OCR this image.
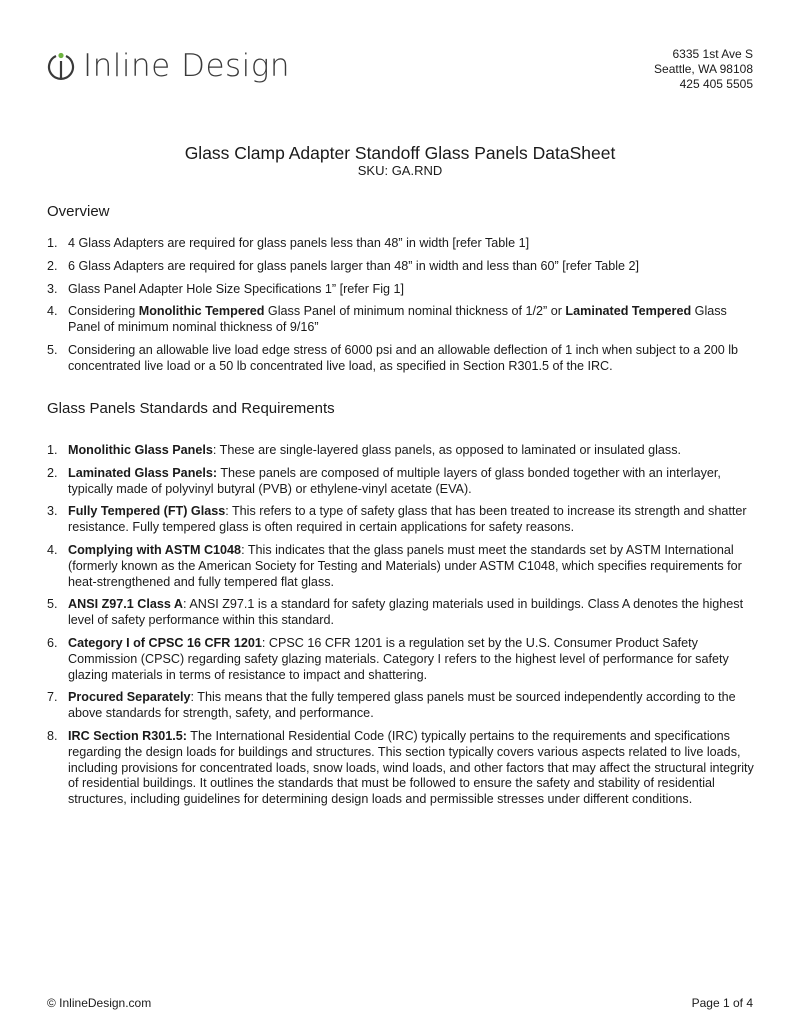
Inline Design	6335 1st Ave S
Seattle, WA 98108
425 405 5505
Glass Clamp Adapter Standoff Glass Panels DataSheet
SKU: GA.RND
Overview
1. 4 Glass Adapters are required for glass panels less than 48” in width [refer Table 1]
2. 6 Glass Adapters are required for glass panels larger than 48” in width and less than 60” [refer Table 2]
3. Glass Panel Adapter Hole Size Specifications 1” [refer Fig 1]
4. Considering Monolithic Tempered Glass Panel of minimum nominal thickness of 1/2” or Laminated Tempered Glass Panel of minimum nominal thickness of 9/16”
5. Considering an allowable live load edge stress of 6000 psi and an allowable deflection of 1 inch when subject to a 200 lb concentrated live load or a 50 lb concentrated live load, as specified in Section R301.5 of the IRC.
Glass Panels Standards and Requirements
1. Monolithic Glass Panels: These are single-layered glass panels, as opposed to laminated or insulated glass.
2. Laminated Glass Panels: These panels are composed of multiple layers of glass bonded together with an interlayer, typically made of polyvinyl butyral (PVB) or ethylene-vinyl acetate (EVA).
3. Fully Tempered (FT) Glass: This refers to a type of safety glass that has been treated to increase its strength and shatter resistance. Fully tempered glass is often required in certain applications for safety reasons.
4. Complying with ASTM C1048: This indicates that the glass panels must meet the standards set by ASTM International (formerly known as the American Society for Testing and Materials) under ASTM C1048, which specifies requirements for heat-strengthened and fully tempered flat glass.
5. ANSI Z97.1 Class A: ANSI Z97.1 is a standard for safety glazing materials used in buildings. Class A denotes the highest level of safety performance within this standard.
6. Category I of CPSC 16 CFR 1201: CPSC 16 CFR 1201 is a regulation set by the U.S. Consumer Product Safety Commission (CPSC) regarding safety glazing materials. Category I refers to the highest level of performance for safety glazing materials in terms of resistance to impact and shattering.
7. Procured Separately: This means that the fully tempered glass panels must be sourced independently according to the above standards for strength, safety, and performance.
8. IRC Section R301.5: The International Residential Code (IRC) typically pertains to the requirements and specifications regarding the design loads for buildings and structures. This section typically covers various aspects related to live loads, including provisions for concentrated loads, snow loads, wind loads, and other factors that may affect the structural integrity of residential buildings. It outlines the standards that must be followed to ensure the safety and stability of residential structures, including guidelines for determining design loads and permissible stresses under different conditions.
© InlineDesign.com	Page 1 of 4
